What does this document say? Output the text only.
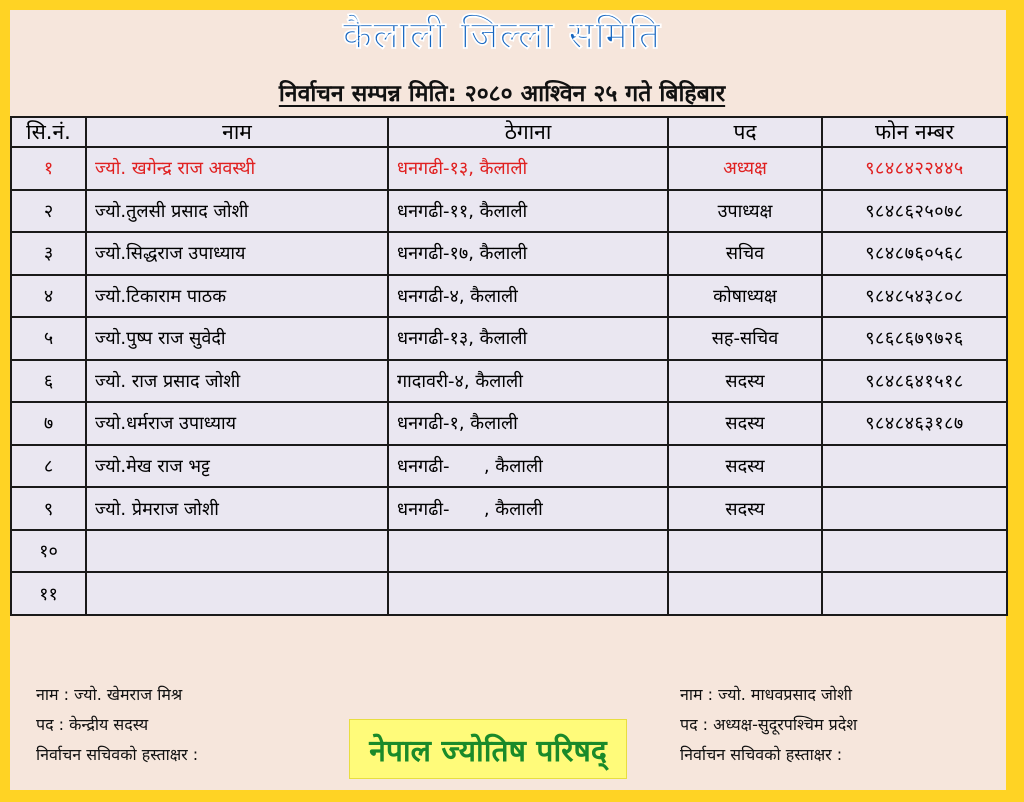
कैलाली जिल्ला समिति
निर्वाचन सम्पन्न मिति: २०८० आश्विन २५ गते बिहिबार
सि.नं.	नाम	ठेगाना	पद	फोन नम्बर
१	ज्यो. खगेन्द्र राज अवस्थी	धनगढी-१३, कैलाली	अध्यक्ष	९८४८४२२४४५
२	ज्यो.तुलसी प्रसाद जोशी	धनगढी-११, कैलाली	उपाध्यक्ष	९८४८६२५०७८
३	ज्यो.सिद्धराज उपाध्याय	धनगढी-१७, कैलाली	सचिव	९८४८७६०५६८
४	ज्यो.टिकाराम पाठक	धनगढी-४, कैलाली	कोषाध्यक्ष	९८४८५४३८०८
५	ज्यो.पुष्प राज सुवेदी	धनगढी-१३, कैलाली	सह-सचिव	९८६८६७९७२६
६	ज्यो. राज प्रसाद जोशी	गादावरी-४, कैलाली	सदस्य	९८४८६४१५१८
७	ज्यो.धर्मराज उपाध्याय	धनगढी-१, कैलाली	सदस्य	९८४८४६३१८७
८	ज्यो.मेख राज भट्ट	धनगढी-      , कैलाली	सदस्य	
९	ज्यो. प्रेमराज जोशी	धनगढी-      , कैलाली	सदस्य	
१०				
११				
नाम : ज्यो. खेमराज मिश्र
पद : केन्द्रीय सदस्य
निर्वाचन सचिवको हस्ताक्षर :	नेपाल ज्योतिष परिषद्
नाम : ज्यो. माधवप्रसाद जोशी
पद : अध्यक्ष-सुदूरपश्चिम प्रदेश
निर्वाचन सचिवको हस्ताक्षर :
